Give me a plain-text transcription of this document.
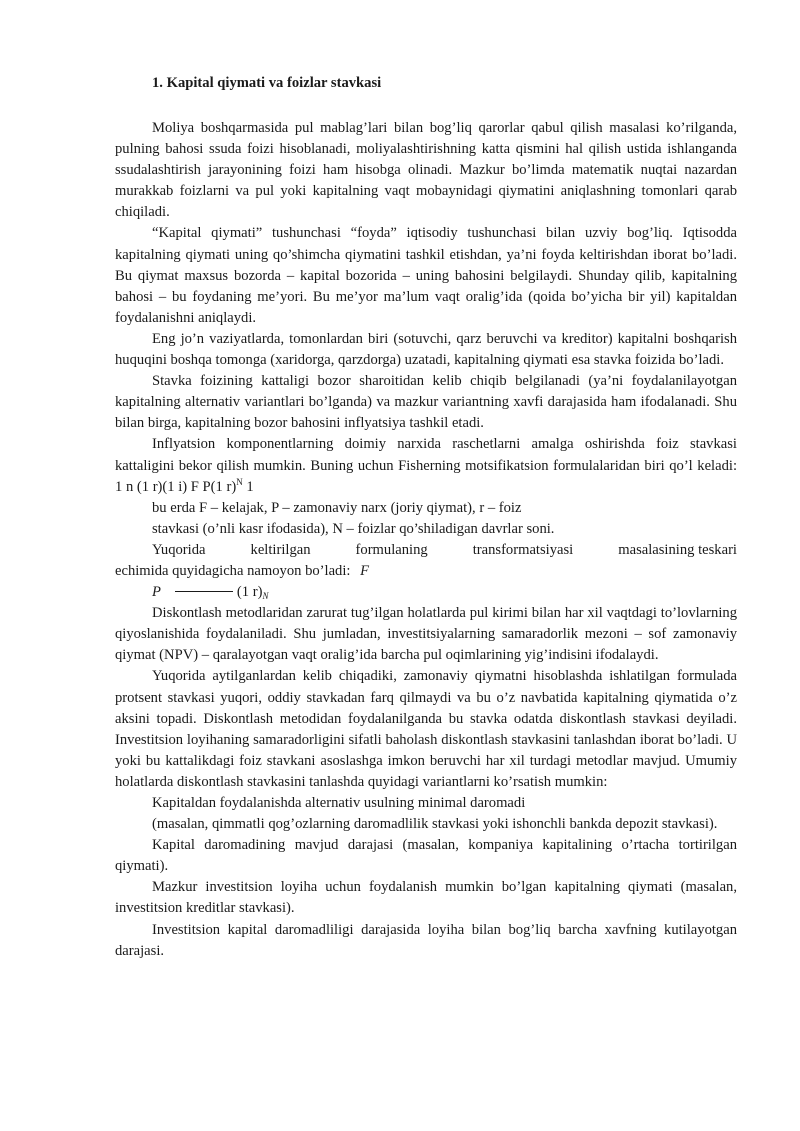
1. Kapital qiymati va foizlar stavkasi

Moliya boshqarmasida pul mablag’lari bilan bog’liq qarorlar qabul qilish masalasi ko’rilganda, pulning bahosi ssuda foizi hisoblanadi, moliyalashtirishning katta qismini hal qilish ustida ishlanganda ssudalashtirish jarayonining foizi ham hisobga olinadi. Mazkur bo’limda matematik nuqtai nazardan murakkab foizlarni va pul yoki kapitalning vaqt mobaynidagi qiymatini aniqlashning tomonlari qarab chiqiladi.

“Kapital qiymati” tushunchasi “foyda” iqtisodiy tushunchasi bilan uzviy bog’liq. Iqtisodda kapitalning qiymati uning qo’shimcha qiymatini tashkil etishdan, ya’ni foyda keltirishdan iborat bo’ladi. Bu qiymat maxsus bozorda – kapital bozorida – uning bahosini belgilaydi. Shunday qilib, kapitalning bahosi – bu foydaning me’yori. Bu me’yor ma’lum vaqt oralig’ida (qoida bo’yicha bir yil) kapitaldan foydalanishni aniqlaydi.

Eng jo’n vaziyatlarda, tomonlardan biri (sotuvchi, qarz beruvchi va kreditor) kapitalni boshqarish huquqini boshqa tomonga (xaridorga, qarzdorga) uzatadi, kapitalning qiymati esa stavka foizida bo’ladi.

Stavka foizining kattaligi bozor sharoitidan kelib chiqib belgilanadi (ya’ni foydalanilayotgan kapitalning alternativ variantlari bo’lganda) va mazkur variantning xavfi darajasida ham ifodalanadi. Shu bilan birga, kapitalning bozor bahosini inflyatsiya tashkil etadi.

Inflyatsion komponentlarning doimiy narxida raschetlarni amalga oshirishda foiz stavkasi kattaligini bekor qilish mumkin. Buning uchun Fisherning motsifikatsion formulalaridan biri qo’l keladi: 1 n (1 r)(1 i) F P(1 r)$^N$ 1

bu erda F – kelajak, P – zamonaviy narx (joriy qiymat), r – foiz

stavkasi (o’nli kasr ifodasida), N – foizlar qo’shiladigan davrlar soni.

Yuqorida	keltirilgan	formulaning	transformatsiyasi	masalasining teskari

echimida quyidagicha namoyon bo’ladi: F

P	(1 $r)_N$

Diskontlash metodlaridan zarurat tug’ilgan holatlarda pul kirimi bilan har xil vaqtdagi to’lovlarning qiyoslanishida foydalaniladi. Shu jumladan, investitsiyalarning samaradorlik mezoni – sof zamonaviy qiymat (NPV) – qaralayotgan vaqt oralig’ida barcha pul oqimlarining yig’indisini ifodalaydi.

Yuqorida aytilganlardan kelib chiqadiki, zamonaviy qiymatni hisoblashda ishlatilgan formulada protsent stavkasi yuqori, oddiy stavkadan farq qilmaydi va bu o’z navbatida kapitalning qiymatida o’z aksini topadi. Diskontlash metodidan foydalanilganda bu stavka odatda diskontlash stavkasi deyiladi. Investitsion loyihaning samaradorligini sifatli baholash diskontlash stavkasini tanlashdan iborat bo’ladi. U yoki bu kattalikdagi foiz stavkani asoslashga imkon beruvchi har xil turdagi metodlar mavjud. Umumiy holatlarda diskontlash stavkasini tanlashda quyidagi variantlarni ko’rsatish mumkin:

Kapitaldan foydalanishda alternativ usulning minimal daromadi

(masalan, qimmatli qog’ozlarning daromadlilik stavkasi yoki ishonchli bankda depozit stavkasi).

Kapital daromadining mavjud darajasi (masalan, kompaniya kapitalining o’rtacha tortirilgan qiymati).

Mazkur investitsion loyiha uchun foydalanish mumkin bo’lgan kapitalning qiymati (masalan, investitsion kreditlar stavkasi).

Investitsion kapital daromadliligi darajasida loyiha bilan bog’liq barcha xavfning kutilayotgan darajasi.
